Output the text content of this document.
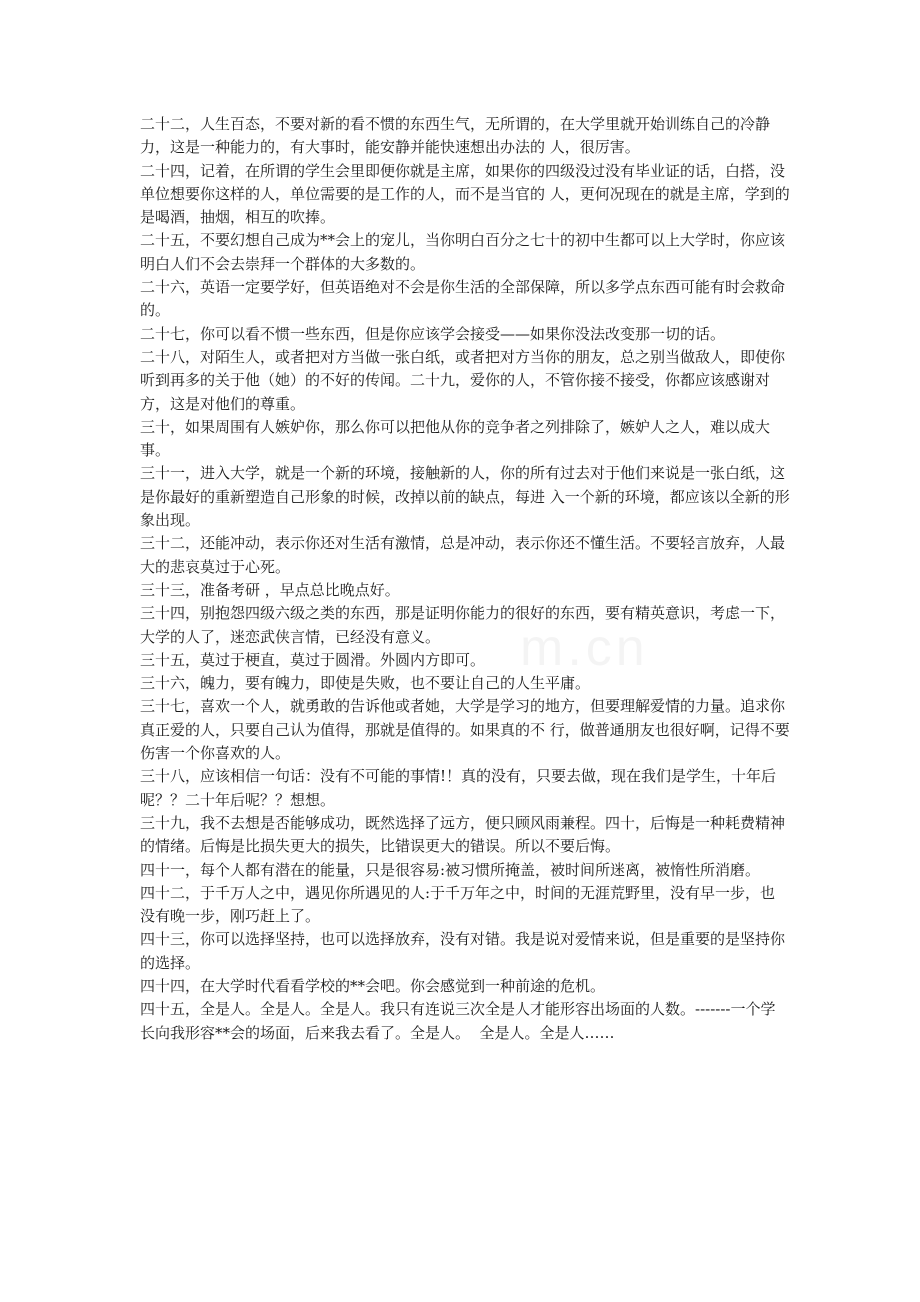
二十二，人生百态，不要对新的看不惯的东西生气，无所谓的，在大学里就开始训练自己的冷静力，这是一种能力的，有大事时，能安静并能快速想出办法的 人，很厉害。

二十四，记着，在所谓的学生会里即便你就是主席，如果你的四级没过没有毕业证的话，白搭，没单位想要你这样的人，单位需要的是工作的人，而不是当官的 人，更何况现在的就是主席，学到的是喝酒，抽烟，相互的吹捧。

二十五，不要幻想自己成为**会上的宠儿，当你明白百分之七十的初中生都可以上大学时，你应该明白人们不会去崇拜一个群体的大多数的。

二十六，英语一定要学好，但英语绝对不会是你生活的全部保障，所以多学点东西可能有时会救命的。

二十七，你可以看不惯一些东西，但是你应该学会接受——如果你没法改变那一切的话。

二十八，对陌生人，或者把对方当做一张白纸，或者把对方当你的朋友，总之别当做敌人，即使你听到再多的关于他（她）的不好的传闻。二十九，爱你的人，不管你接不接受，你都应该感谢对方，这是对他们的尊重。

三十，如果周围有人嫉妒你，那么你可以把他从你的竞争者之列排除了，嫉妒人之人，难以成大事。

三十一，进入大学，就是一个新的环境，接触新的人，你的所有过去对于他们来说是一张白纸，这是你最好的重新塑造自己形象的时候，改掉以前的缺点，每进 入一个新的环境，都应该以全新的形象出现。

三十二，还能冲动，表示你还对生活有激情，总是冲动，表示你还不懂生活。不要轻言放弃，人最大的悲哀莫过于心死。

三十三，准备考研 ，早点总比晚点好。

三十四，别抱怨四级六级之类的东西，那是证明你能力的很好的东西，要有精英意识，考虑一下，大学的人了，迷恋武侠言情，已经没有意义。

三十五，莫过于梗直，莫过于圆滑。外圆内方即可。

三十六，魄力，要有魄力，即使是失败，也不要让自己的人生平庸。

三十七，喜欢一个人，就勇敢的告诉他或者她，大学是学习的地方，但要理解爱情的力量。追求你真正爱的人，只要自己认为值得，那就是值得的。如果真的不 行，做普通朋友也很好啊，记得不要伤害一个你喜欢的人。

三十八，应该相信一句话：没有不可能的事情!！真的没有，只要去做，现在我们是学生，十年后呢？？二十年后呢？？想想。

三十九，我不去想是否能够成功，既然选择了远方，便只顾风雨兼程。四十，后悔是一种耗费精神的情绪。后悔是比损失更大的损失，比错误更大的错误。所以不要后悔。

四十一，每个人都有潜在的能量，只是很容易:被习惯所掩盖，被时间所迷离，被惰性所消磨。

四十二，于千万人之中，遇见你所遇见的人:于千万年之中，时间的无涯荒野里，没有早一步，也没有晚一步，刚巧赶上了。

四十三，你可以选择坚持，也可以选择放弃，没有对错。我是说对爱情来说，但是重要的是坚持你的选择。

四十四，在大学时代看看学校的**会吧。你会感觉到一种前途的危机。

四十五，全是人。全是人。全是人。我只有连说三次全是人才能形容出场面的人数。-------一个学长向我形容**会的场面，后来我去看了。全是人。  全是人。全是人……
